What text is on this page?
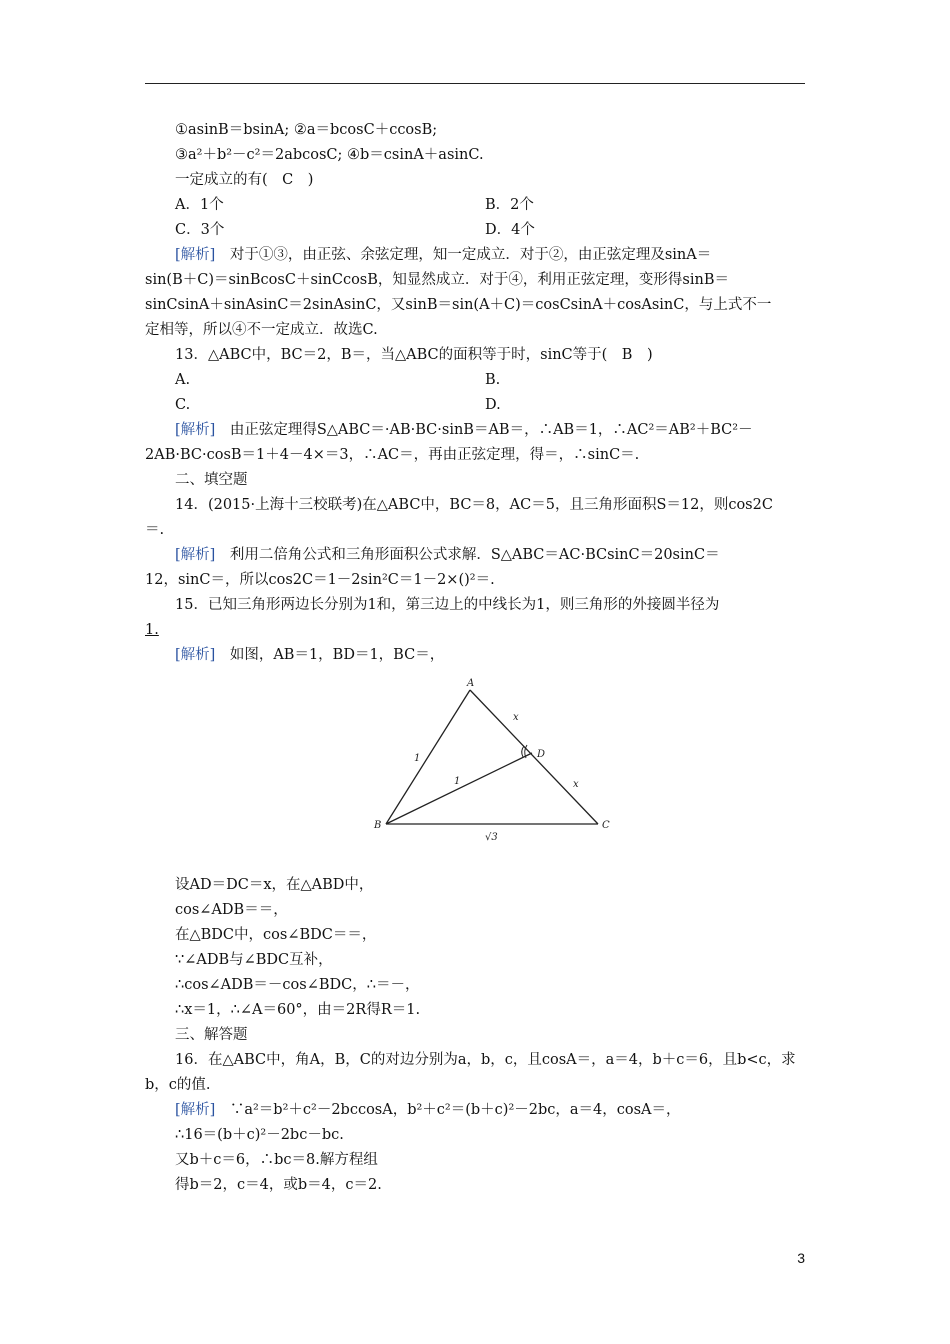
①asinB＝bsinA; ②a＝bcosC＋ccosB;
③a²＋b²－c²＝2abcosC; ④b＝csinA＋asinC.
一定成立的有(　C　)
A．1个	B．2个
C．3个	D．4个
[解析]　对于①③，由正弦、余弦定理，知一定成立．对于②，由正弦定理及sinA＝
sin(B＋C)＝sinBcosC＋sinCcosB，知显然成立．对于④，利用正弦定理，变形得sinB＝
sinCsinA＋sinAsinC＝2sinAsinC，又sinB＝sin(A＋C)＝cosCsinA＋cosAsinC，与上式不一
定相等，所以④不一定成立．故选C.
13．△ABC中，BC＝2，B＝，当△ABC的面积等于时，sinC等于(　B　)
A.	B.
C.	D.
[解析]　由正弦定理得S△ABC＝·AB·BC·sinB＝AB＝，∴AB＝1，∴AC²＝AB²＋BC²－
2AB·BC·cosB＝1＋4－4×＝3，∴AC＝，再由正弦定理，得＝，∴sinC＝.
二、填空题
14．(2015·上海十三校联考)在△ABC中，BC＝8，AC＝5，且三角形面积S＝12，则cos2C
＝.
[解析]　利用二倍角公式和三角形面积公式求解．S△ABC＝AC·BCsinC＝20sinC＝
12，sinC＝，所以cos2C＝1－2sin²C＝1－2×()²＝.
15．已知三角形两边长分别为1和，第三边上的中线长为1，则三角形的外接圆半径为
1.
[解析]　如图，AB＝1，BD＝1，BC＝，
A
B	C
D
x
x
1
1
√3
设AD＝DC＝x，在△ABD中，
cos∠ADB＝＝，
在△BDC中，cos∠BDC＝＝，
∵∠ADB与∠BDC互补，
∴cos∠ADB＝－cos∠BDC，∴＝－，
∴x＝1，∴∠A＝60°，由＝2R得R＝1.
三、解答题
16．在△ABC中，角A，B，C的对边分别为a，b，c，且cosA＝，a＝4，b＋c＝6，且b<c，求
b，c的值.
[解析]　∵a²＝b²＋c²－2bccosA，b²＋c²＝(b＋c)²－2bc，a＝4，cosA＝，
∴16＝(b＋c)²－2bc－bc.
又b＋c＝6，∴bc＝8.解方程组
得b＝2，c＝4，或b＝4，c＝2.
3
